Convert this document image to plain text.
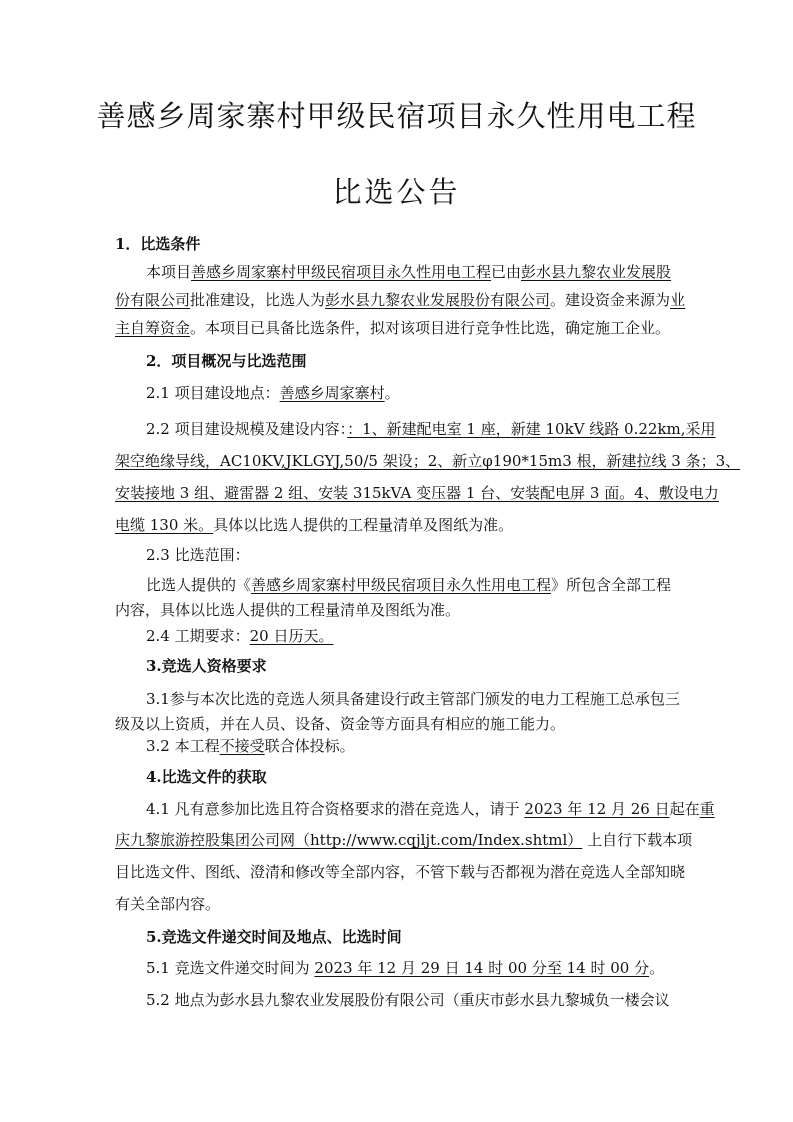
善感乡周家寨村甲级民宿项目永久性用电工程
比选公告
1．比选条件
本项目善感乡周家寨村甲级民宿项目永久性用电工程已由彭水县九黎农业发展股
份有限公司批准建设，比选人为彭水县九黎农业发展股份有限公司。建设资金来源为业
主自筹资金。本项目已具备比选条件，拟对该项目进行竞争性比选，确定施工企业。
2．项目概况与比选范围
2.1 项目建设地点：善感乡周家寨村。
2.2 项目建设规模及建设内容：：1、新建配电室 1 座，新建 10kV 线路 0.22km,采用
架空绝缘导线，AC10KV,JKLGYJ,50/5 架设；2、新立φ190*15m3 根，新建拉线 3 条；3、
安装接地 3 组、避雷器 2 组、安装 315kVA 变压器 1 台、安装配电屏 3 面。4、敷设电力
电缆 130 米。具体以比选人提供的工程量清单及图纸为准。
2.3 比选范围：
比选人提供的《善感乡周家寨村甲级民宿项目永久性用电工程》所包含全部工程
内容，具体以比选人提供的工程量清单及图纸为准。
2.4 工期要求：20 日历天。
3.竞选人资格要求
3.1参与本次比选的竞选人须具备建设行政主管部门颁发的电力工程施工总承包三
级及以上资质，并在人员、设备、资金等方面具有相应的施工能力。
3.2 本工程不接受联合体投标。
4.比选文件的获取
4.1 凡有意参加比选且符合资格要求的潜在竞选人，请于 2023 年 12 月 26 日起在重
庆九黎旅游控股集团公司网（http://www.cqjljt.com/Index.shtml） 上自行下载本项
目比选文件、图纸、澄清和修改等全部内容，不管下载与否都视为潜在竞选人全部知晓
有关全部内容。
5.竞选文件递交时间及地点、比选时间
5.1 竞选文件递交时间为 2023 年 12 月 29 日 14 时 00 分至 14 时 00 分。
5.2 地点为彭水县九黎农业发展股份有限公司（重庆市彭水县九黎城负一楼会议
